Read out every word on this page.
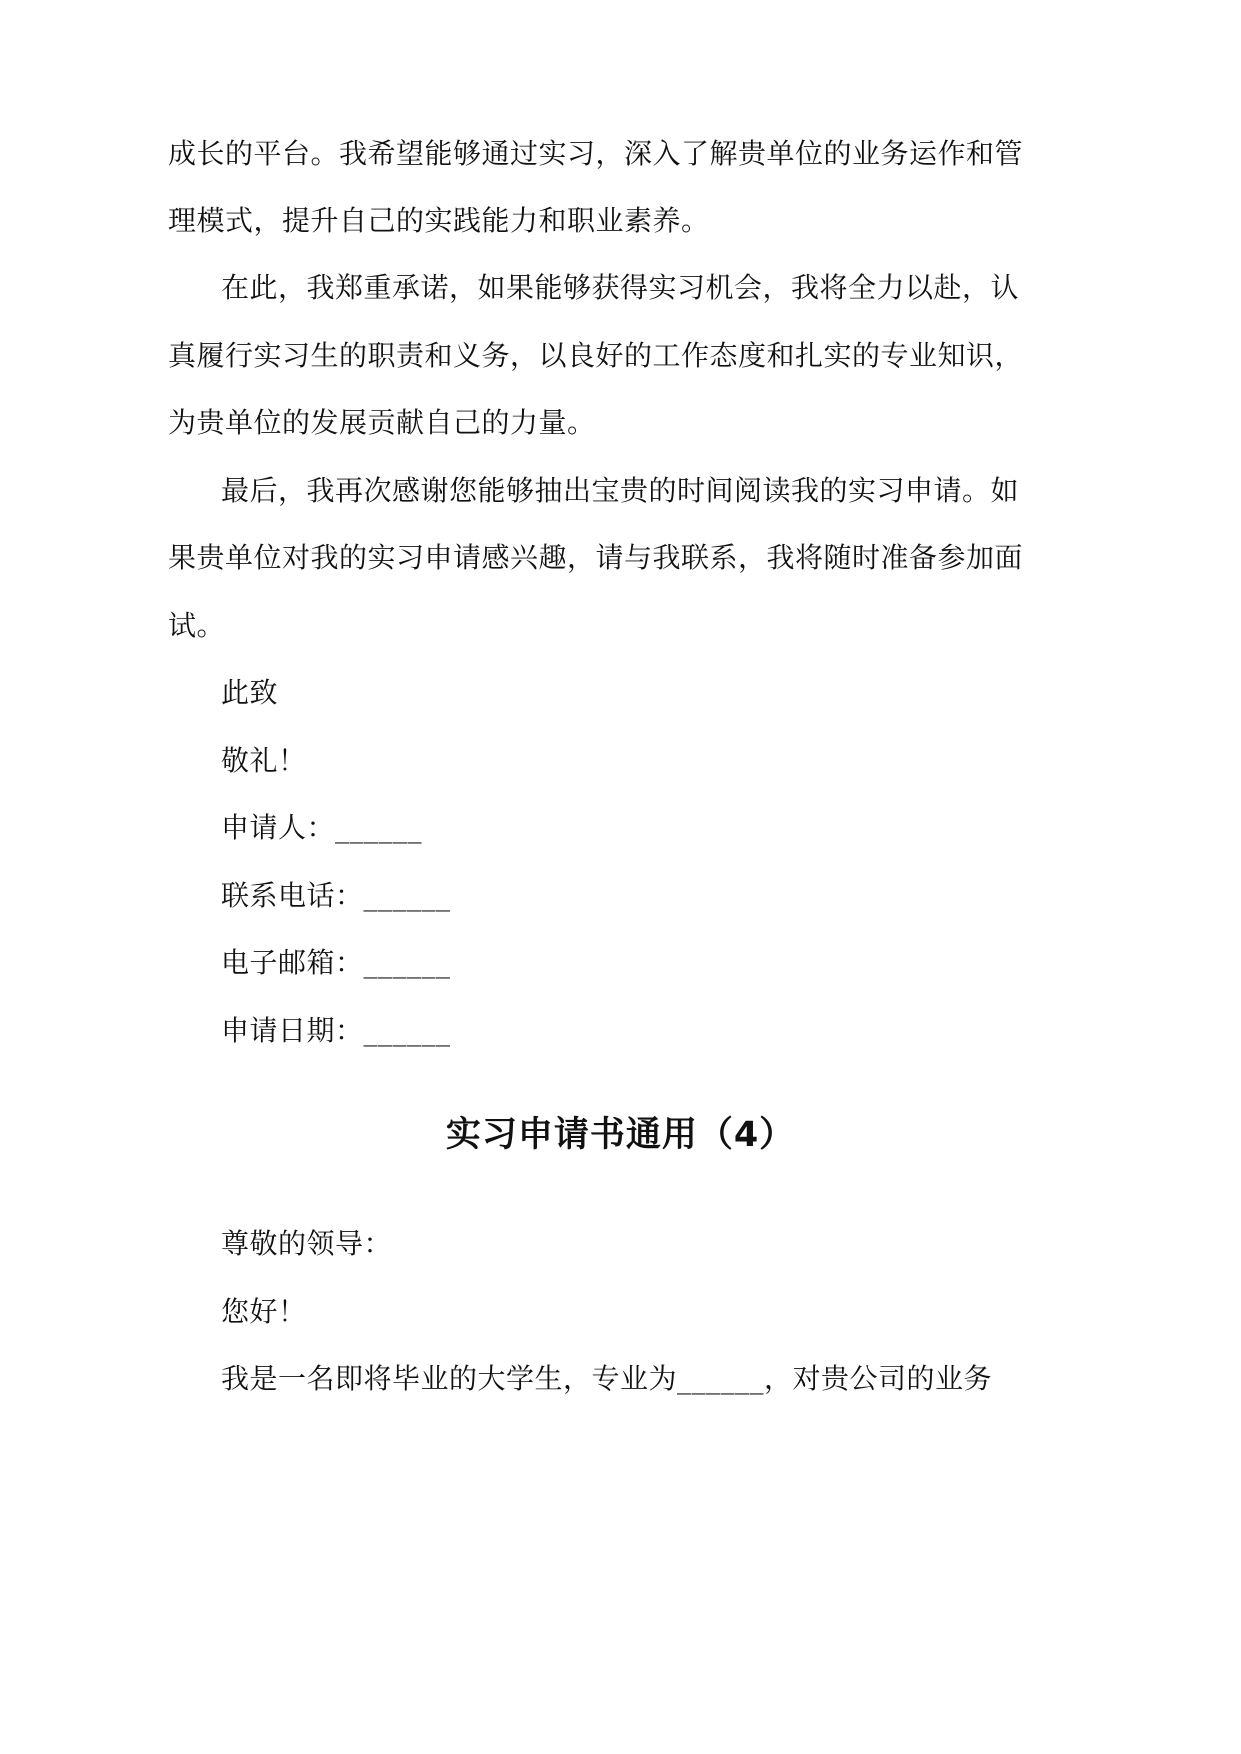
成长的平台。我希望能够通过实习，深入了解贵单位的业务运作和管
理模式，提升自己的实践能力和职业素养。
在此，我郑重承诺，如果能够获得实习机会，我将全力以赴，认
真履行实习生的职责和义务，以良好的工作态度和扎实的专业知识，
为贵单位的发展贡献自己的力量。
最后，我再次感谢您能够抽出宝贵的时间阅读我的实习申请。如
果贵单位对我的实习申请感兴趣，请与我联系，我将随时准备参加面
试。
此致
敬礼！
申请人：______
联系电话：______
电子邮箱：______
申请日期：______
实习申请书通用（4）
尊敬的领导：
您好！
我是一名即将毕业的大学生，专业为______，对贵公司的业务
